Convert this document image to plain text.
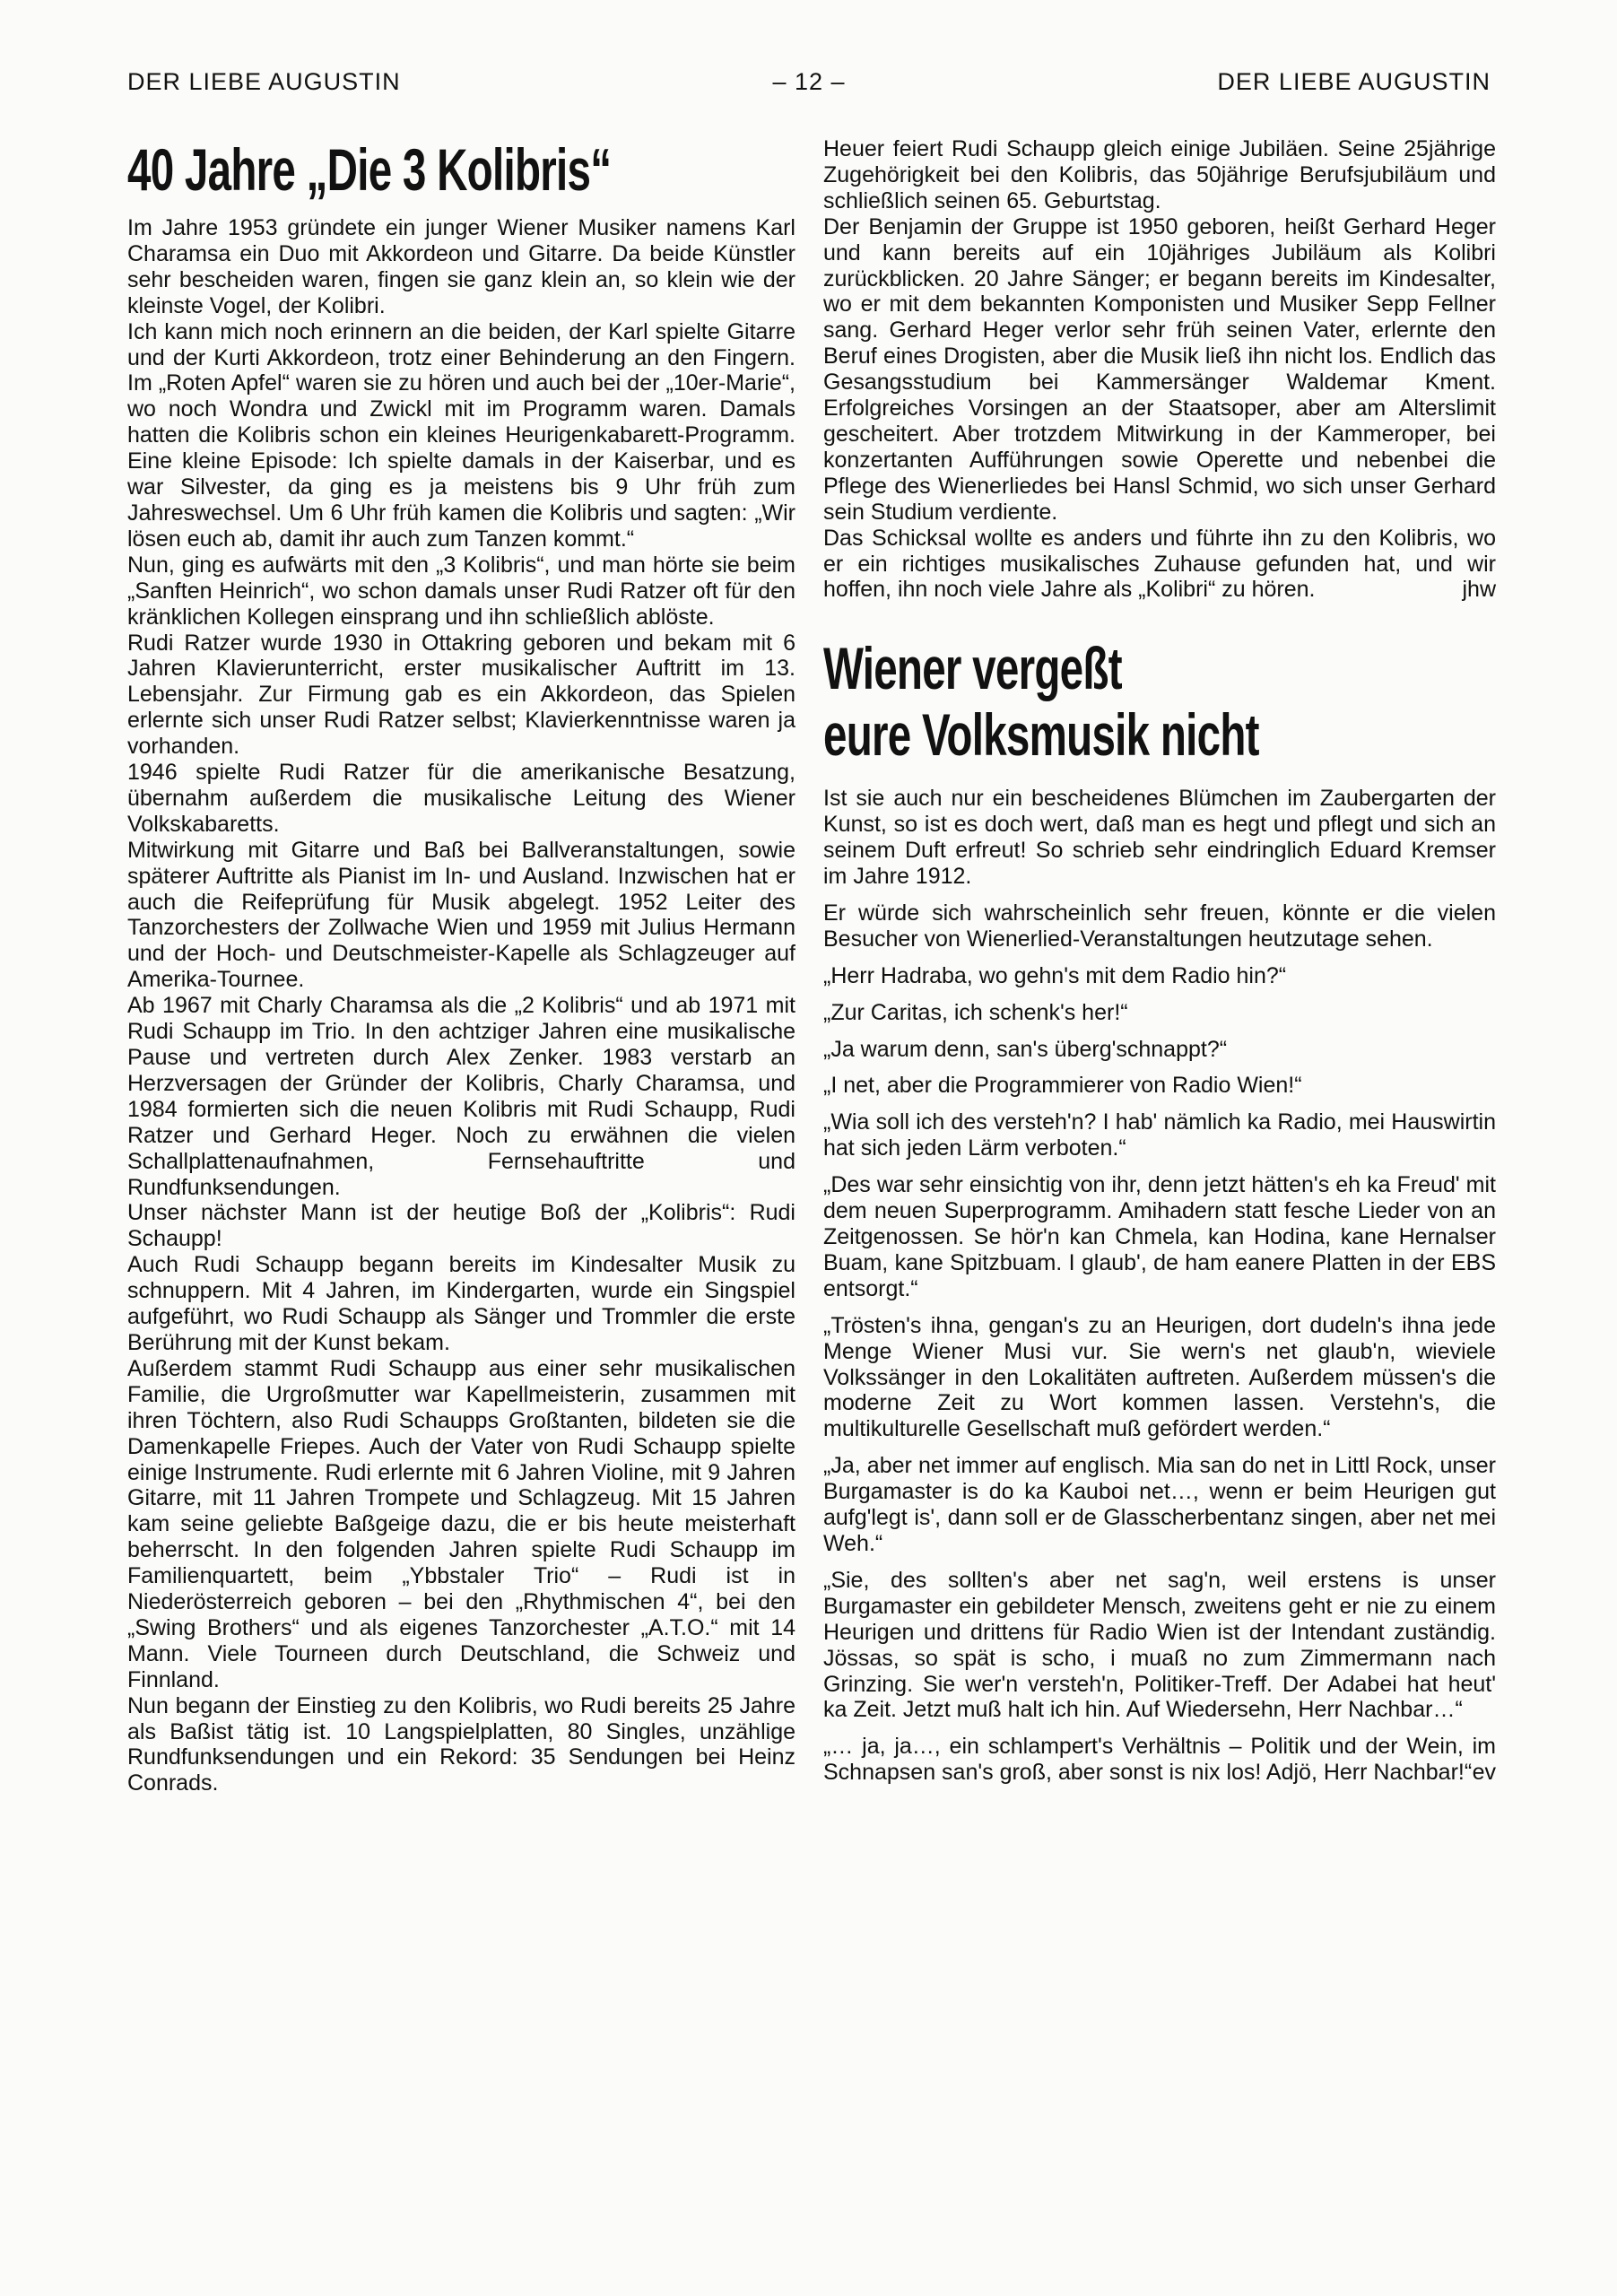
DER LIEBE AUGUSTIN	– 12 –	DER LIEBE AUGUSTIN
40 Jahre „Die 3 Kolibris“

Im Jahre 1953 gründete ein junger Wiener Musiker namens Karl Charamsa ein Duo mit Akkordeon und Gitarre. Da beide Künstler sehr bescheiden waren, fingen sie ganz klein an, so klein wie der kleinste Vogel, der Kolibri.

Ich kann mich noch erinnern an die beiden, der Karl spielte Gitarre und der Kurti Akkordeon, trotz einer Behinderung an den Fingern. Im „Roten Apfel“ waren sie zu hören und auch bei der „10er-Marie“, wo noch Wondra und Zwickl mit im Programm waren. Damals hatten die Kolibris schon ein kleines Heurigenkabarett-Programm. Eine kleine Episode: Ich spielte damals in der Kaiserbar, und es war Silvester, da ging es ja meistens bis 9 Uhr früh zum Jahreswechsel. Um 6 Uhr früh kamen die Kolibris und sagten: „Wir lösen euch ab, damit ihr auch zum Tanzen kommt.“

Nun, ging es aufwärts mit den „3 Kolibris“, und man hörte sie beim „Sanften Heinrich“, wo schon damals unser Rudi Ratzer oft für den kränklichen Kollegen einsprang und ihn schließlich ablöste.

Rudi Ratzer wurde 1930 in Ottakring geboren und bekam mit 6 Jahren Klavierunterricht, erster musikalischer Auftritt im 13. Lebensjahr. Zur Firmung gab es ein Akkordeon, das Spielen erlernte sich unser Rudi Ratzer selbst; Klavierkenntnisse waren ja vorhanden.

1946 spielte Rudi Ratzer für die amerikanische Besatzung, übernahm außerdem die musikalische Leitung des Wiener Volkskabaretts.

Mitwirkung mit Gitarre und Baß bei Ballveranstaltungen, sowie späterer Auftritte als Pianist im In- und Ausland. Inzwischen hat er auch die Reifeprüfung für Musik abgelegt. 1952 Leiter des Tanzorchesters der Zollwache Wien und 1959 mit Julius Hermann und der Hoch- und Deutschmeister-Kapelle als Schlagzeuger auf Amerika-Tournee.

Ab 1967 mit Charly Charamsa als die „2 Kolibris“ und ab 1971 mit Rudi Schaupp im Trio. In den achtziger Jahren eine musikalische Pause und vertreten durch Alex Zenker. 1983 verstarb an Herzversagen der Gründer der Kolibris, Charly Charamsa, und 1984 formierten sich die neuen Kolibris mit Rudi Schaupp, Rudi Ratzer und Gerhard Heger. Noch zu erwähnen die vielen Schallplattenaufnahmen, Fernsehauftritte und Rundfunksendungen.

Unser nächster Mann ist der heutige Boß der „Kolibris“: Rudi Schaupp!

Auch Rudi Schaupp begann bereits im Kindesalter Musik zu schnuppern. Mit 4 Jahren, im Kindergarten, wurde ein Singspiel aufgeführt, wo Rudi Schaupp als Sänger und Trommler die erste Berührung mit der Kunst bekam.

Außerdem stammt Rudi Schaupp aus einer sehr musikalischen Familie, die Urgroßmutter war Kapellmeisterin, zusammen mit ihren Töchtern, also Rudi Schaupps Großtanten, bildeten sie die Damenkapelle Friepes. Auch der Vater von Rudi Schaupp spielte einige Instrumente. Rudi erlernte mit 6 Jahren Violine, mit 9 Jahren Gitarre, mit 11 Jahren Trompete und Schlagzeug. Mit 15 Jahren kam seine geliebte Baßgeige dazu, die er bis heute meisterhaft beherrscht. In den folgenden Jahren spielte Rudi Schaupp im Familienquartett, beim „Ybbstaler Trio“ – Rudi ist in Niederösterreich geboren – bei den „Rhythmischen 4“, bei den „Swing Brothers“ und als eigenes Tanzorchester „A.T.O.“ mit 14 Mann. Viele Tourneen durch Deutschland, die Schweiz und Finnland.

Nun begann der Einstieg zu den Kolibris, wo Rudi bereits 25 Jahre als Baßist tätig ist. 10 Langspielplatten, 80 Singles, unzählige Rundfunksendungen und ein Rekord: 35 Sendungen bei Heinz Conrads.

Heuer feiert Rudi Schaupp gleich einige Jubiläen. Seine 25jährige Zugehörigkeit bei den Kolibris, das 50jährige Berufsjubiläum und schließlich seinen 65. Geburtstag.

Der Benjamin der Gruppe ist 1950 geboren, heißt Gerhard Heger und kann bereits auf ein 10jähriges Jubiläum als Kolibri zurückblicken. 20 Jahre Sänger; er begann bereits im Kindesalter, wo er mit dem bekannten Komponisten und Musiker Sepp Fellner sang. Gerhard Heger verlor sehr früh seinen Vater, erlernte den Beruf eines Drogisten, aber die Musik ließ ihn nicht los. Endlich das Gesangsstudium bei Kammersänger Waldemar Kment. Erfolgreiches Vorsingen an der Staatsoper, aber am Alterslimit gescheitert. Aber trotzdem Mitwirkung in der Kammeroper, bei konzertanten Aufführungen sowie Operette und nebenbei die Pflege des Wienerliedes bei Hansl Schmid, wo sich unser Gerhard sein Studium verdiente.

Das Schicksal wollte es anders und führte ihn zu den Kolibris, wo er ein richtiges musikalisches Zuhause gefunden hat, und wir hoffen, ihn noch viele Jahre als „Kolibri“ zu hören.	jhw

Wiener vergeßt
eure Volksmusik nicht

Ist sie auch nur ein bescheidenes Blümchen im Zaubergarten der Kunst, so ist es doch wert, daß man es hegt und pflegt und sich an seinem Duft erfreut! So schrieb sehr eindringlich Eduard Kremser im Jahre 1912.

Er würde sich wahrscheinlich sehr freuen, könnte er die vielen Besucher von Wienerlied-Veranstaltungen heutzutage sehen.

„Herr Hadraba, wo gehn's mit dem Radio hin?“

„Zur Caritas, ich schenk's her!“

„Ja warum denn, san's überg'schnappt?“

„I net, aber die Programmierer von Radio Wien!“

„Wia soll ich des versteh'n? I hab' nämlich ka Radio, mei Hauswirtin hat sich jeden Lärm verboten.“

„Des war sehr einsichtig von ihr, denn jetzt hätten's eh ka Freud' mit dem neuen Superprogramm. Amihadern statt fesche Lieder von an Zeitgenossen. Se hör'n kan Chmela, kan Hodina, kane Hernalser Buam, kane Spitzbuam. I glaub', de ham eanere Platten in der EBS entsorgt.“

„Trösten's ihna, gengan's zu an Heurigen, dort dudeln's ihna jede Menge Wiener Musi vur. Sie wern's net glaub'n, wieviele Volkssänger in den Lokalitäten auftreten. Außerdem müssen's die moderne Zeit zu Wort kommen lassen. Verstehn's, die multikulturelle Gesellschaft muß gefördert werden.“

„Ja, aber net immer auf englisch. Mia san do net in Littl Rock, unser Burgamaster is do ka Kauboi net…, wenn er beim Heurigen gut aufg'legt is', dann soll er de Glasscherbentanz singen, aber net mei Weh.“

„Sie, des sollten's aber net sag'n, weil erstens is unser Burgamaster ein gebildeter Mensch, zweitens geht er nie zu einem Heurigen und drittens für Radio Wien ist der Intendant zuständig. Jössas, so spät is scho, i muaß no zum Zimmermann nach Grinzing. Sie wer'n versteh'n, Politiker-Treff. Der Adabei hat heut' ka Zeit. Jetzt muß halt ich hin. Auf Wiedersehn, Herr Nachbar…“

„… ja, ja…, ein schlampert's Verhältnis – Politik und der Wein, im Schnapsen san's groß, aber sonst is nix los! Adjö, Herr Nachbar!“ ev
